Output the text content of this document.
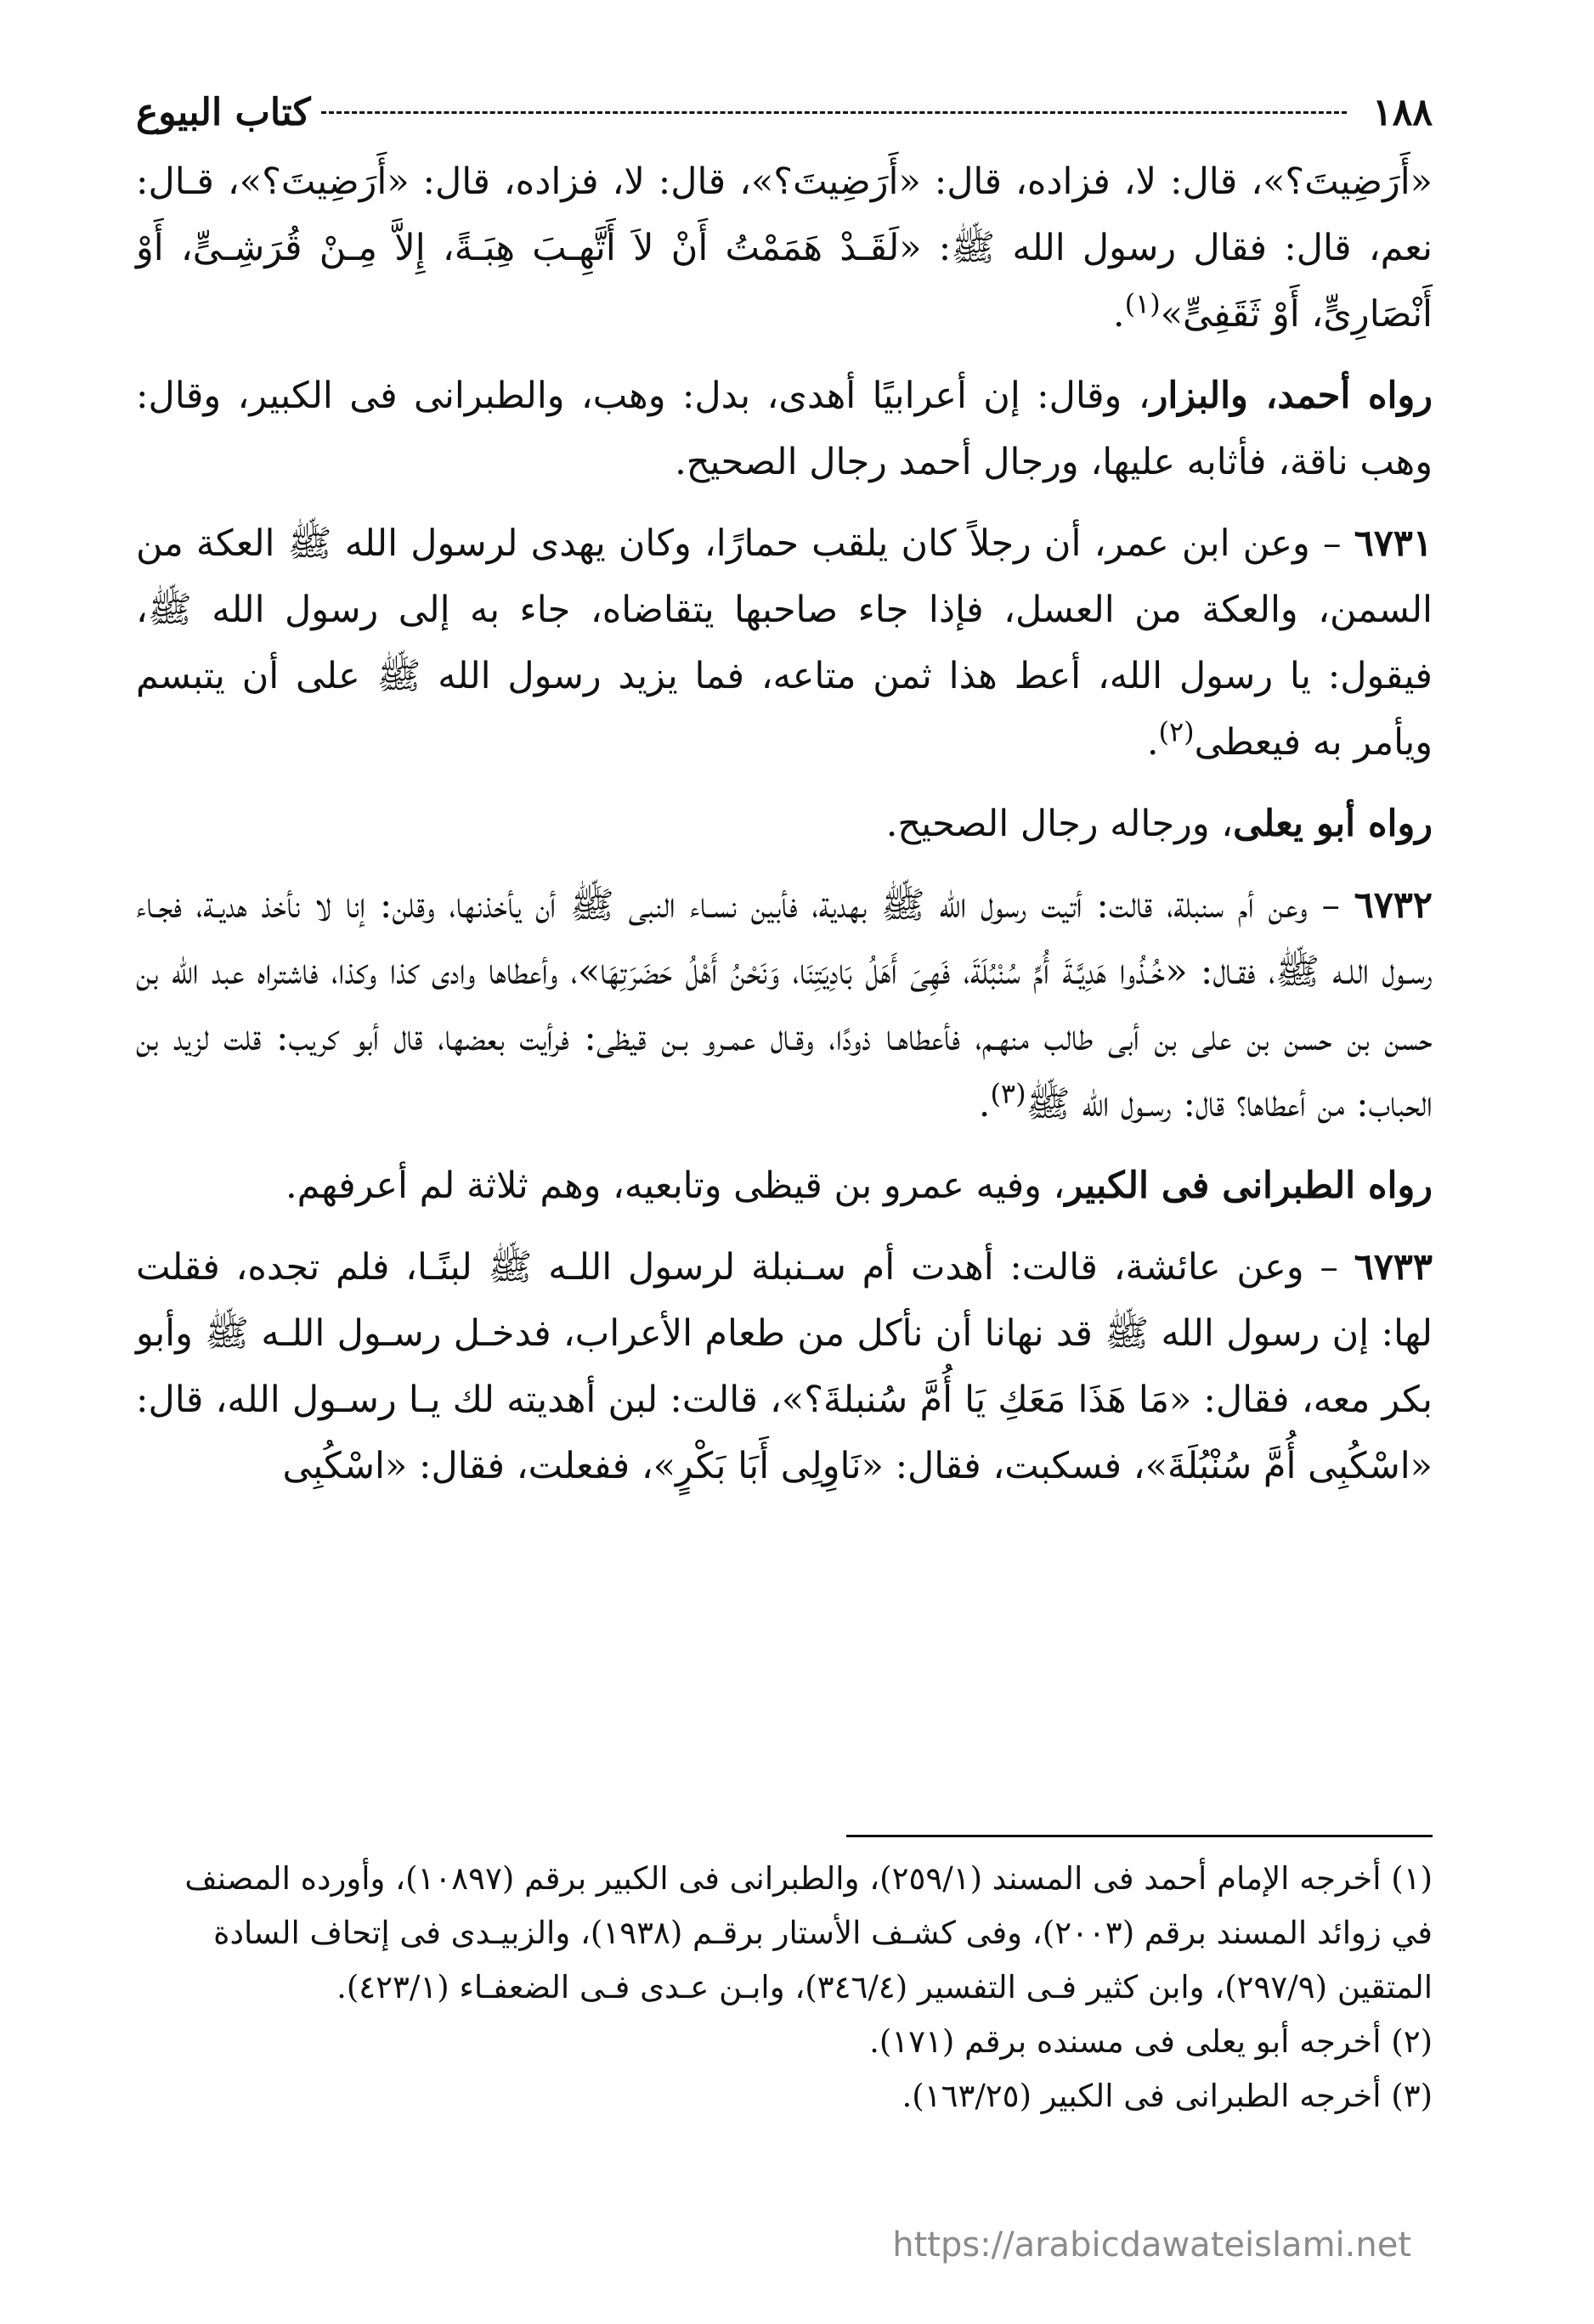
١٨٨
كتاب البيوع

«أَرَضِيتَ؟»، قال: لا، فزاده، قال: «أَرَضِيتَ؟»، قال: لا، فزاده، قال: «أَرَضِيتَ؟»، قـال: نعم، قال: فقال رسول الله ﷺ: «لَقَـدْ هَمَمْتُ أَنْ لاَ أَتَّهِـبَ هِبَـةً، إِلاَّ مِـنْ قُرَشِـىٍّ، أَوْ أَنْصَارِىٍّ، أَوْ ثَقَفِىٍّ»$^{(١)}$.

رواه أحمد، والبزار، وقال: إن أعرابيًا أهدى، بدل: وهب، والطبرانى فى الكبير، وقال: وهب ناقة، فأثابه عليها، ورجال أحمد رجال الصحيح.

٦٧٣١ – وعن ابن عمر، أن رجلاً كان يلقب حمارًا، وكان يهدى لرسول الله ﷺ العكة من السمن، والعكة من العسل، فإذا جاء صاحبها يتقاضاه، جاء به إلى رسول الله ﷺ، فيقول: يا رسول الله، أعط هذا ثمن متاعه، فما يزيد رسول الله ﷺ على أن يتبسم ويأمر به فيعطى$^{(٢)}$.

رواه أبو يعلى، ورجاله رجال الصحيح.

٦٧٣٢ – وعن أم سنبلة، قالت: أتيت رسول الله ﷺ بهدية، فأبين نسـاء النبى ﷺ أن يأخذنها، وقلن: إنا لا نأخذ هديـة، فجـاء رسـول اللـه ﷺ، فقـال: «خُـذُوا هَدِيَّـةَ أُمِّ سُنْبُلَةَ، فَهِىَ أَهَلُ بَادِيَتِنَا، وَنَحْنُ أَهْلُ حَضَرَتِهَا»، وأعطاها وادى كذا وكذا، فاشتراه عبد الله بن حسن بن حسن بن على بن أبى طالب منهـم، فأعطاهـا ذودًا، وقـال عمـرو بـن قيظى: فرأيت بعضها، قال أبو كريب: قلت لزيد بن الحباب: من أعطاها؟ قال: رسـول الله ﷺ$^{(٣)}$.

رواه الطبرانى فى الكبير، وفيه عمرو بن قيظى وتابعيه، وهم ثلاثة لم أعرفهم.

٦٧٣٣ – وعن عائشة، قالت: أهدت أم سـنبلة لرسول اللـه ﷺ لبنًـا، فلم تجده، فقلت لها: إن رسول الله ﷺ قد نهانا أن نأكل من طعام الأعراب، فدخـل رسـول اللـه ﷺ وأبو بكر معه، فقال: «مَا هَذَا مَعَكِ يَا أُمَّ سُنبلةَ؟»، قالت: لبن أهديته لك يـا رسـول الله، قال: «اسْكُبِى أُمَّ سُنْبُلَةَ»، فسكبت، فقال: «نَاوِلِى أَبَا بَكْرٍ»، ففعلت، فقال: «اسْكُبِى

(١) أخرجه الإمام أحمد فى المسند (٢٥٩/١)، والطبرانى فى الكبير برقم (١٠٨٩٧)، وأورده المصنف في زوائد المسند برقم (٢٠٠٣)، وفى كشـف الأستار برقـم (١٩٣٨)، والزبيـدى فى إتحاف السادة المتقين (٢٩٧/٩)، وابن كثير فـى التفسير (٣٤٦/٤)، وابـن عـدى فـى الضعفـاء (٤٢٣/١).
(٢) أخرجه أبو يعلى فى مسنده برقم (١٧١).
(٣) أخرجه الطبرانى فى الكبير (١٦٣/٢٥).
https://arabicdawateislami.net
